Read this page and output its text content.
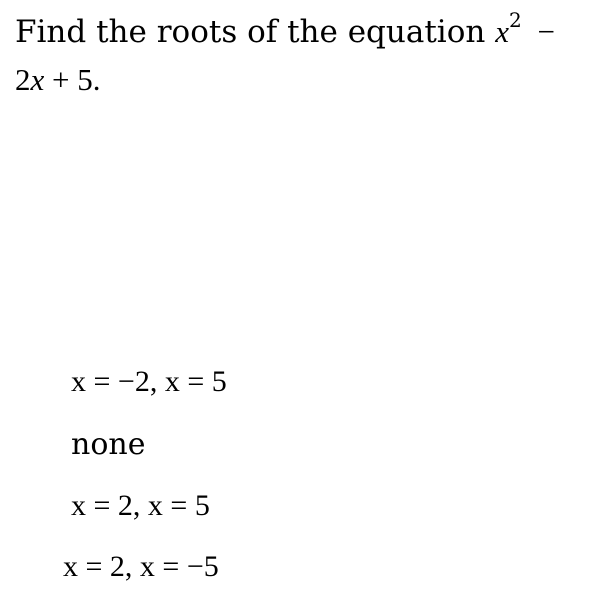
Find the roots of the equation $x^2$ −
2x + 5.
x = −2, x = 5
none
x = 2, x = 5
x = 2, x = −5
